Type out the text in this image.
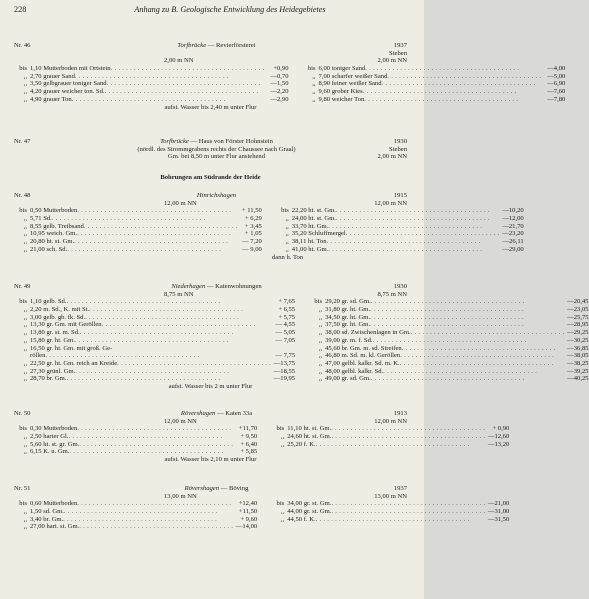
228	Anhang zu B. Geologische Entwicklung des Heidegebietes
Nr. 46	Torfbrücke — Revierförsterei	1937
Steben
2,00 m NN	2,00 m NN
bis 1,10 Mutterboden mit Ortstein . . . . . . . . . . . . . . . . . . . . . . . . . . . . . . . . . . . . . . . .	+0,90
,, 2,70 grauer Sand . . . . . . . . . . . . . . . . . . . . . . . . . . . . . . . . . . . . . . . .	—0,70
,, 3,50 gelbgrauer toniger Sand . . . . . . . . . . . . . . . . . . . . . . . . . . . . . . . . . . . . . . . .	—1,50
,, 4,20 grauer weicher ton. Sd. . . . . . . . . . . . . . . . . . . . . . . . . . . . . . . . . . . . . . . . .	—2,20
,, 4,90 grauer Ton . . . . . . . . . . . . . . . . . . . . . . . . . . . . . . . . . . . . . . . .	—2,90
bis 6,00 toniger Sand . . . . . . . . . . . . . . . . . . . . . . . . . . . . . . . . . . . . . . . .	—4,00
,, 7,00 scharfer weißer Sand . . . . . . . . . . . . . . . . . . . . . . . . . . . . . . . . . . . . . . . . —5,00
,, 8,90 feiner weißer Sand . . . . . . . . . . . . . . . . . . . . . . . . . . . . . . . . . . . . . . . .	—6,90
,, 9,60 grober Kies . . . . . . . . . . . . . . . . . . . . . . . . . . . . . . . . . . . . . . . .	—7,60
,, 9,80 weicher Ton . . . . . . . . . . . . . . . . . . . . . . . . . . . . . . . . . . . . . . . .	—7,80
aufst. Wasser bis 2,40 m unter Flur
Nr. 47	Torfbrücke — Haus von Förster Hohnstein	1930
(nördl. des Strommgrabens rechts der Chaussee nach Graal)	Steben
Gm. bei 8,50 m unter Flur anstehend	2,00 m NN
Bohrungen am Südrande der Heide
Nr. 48	Hinrichshagen	1915
12,00 m NN	12,00 m NN
bis 0,50 Mutterboden . . . . . . . . . . . . . . . . . . . . . . . . . . . . . . . . . . . . . . . .	+ 11,50
,, 5,71 Sd. . . . . . . . . . . . . . . . . . . . . . . . . . . . . . . . . . . . . . . . .	+ 6,29
,, 8,55 gelb. Treibsand . . . . . . . . . . . . . . . . . . . . . . . . . . . . . . . . . . . . . . . .	+ 3,45
,, 10,95 weich. Gm. . . . . . . . . . . . . . . . . . . . . . . . . . . . . . . . . . . . . . . . .	+ 1,05
,, 20,80 ht. st. Gm. . . . . . . . . . . . . . . . . . . . . . . . . . . . . . . . . . . . . . . . .	— 7,20
,, 21,00 sch. Sd. . . . . . . . . . . . . . . . . . . . . . . . . . . . . . . . . . . . . . . . .	— 9,00
bis 22,20 ht. st. Gm. . . . . . . . . . . . . . . . . . . . . . . . . . . . . . . . . . . . . . . . .	—10,20
,, 24,00 ht. st. Gm. . . . . . . . . . . . . . . . . . . . . . . . . . . . . . . . . . . . . . . . .	—12,00
,, 33,70 ht. Gm. . . . . . . . . . . . . . . . . . . . . . . . . . . . . . . . . . . . . . . . .	—21,70
,, 35,20 Schluffmergel . . . . . . . . . . . . . . . . . . . . . . . . . . . . . . . . . . . . . . . . —23,20
,, 38,11 ht. Ton . . . . . . . . . . . . . . . . . . . . . . . . . . . . . . . . . . . . . . . .	—26,11
,, 41,00 ht. Gm. . . . . . . . . . . . . . . . . . . . . . . . . . . . . . . . . . . . . . . . .	—29,00
dann h. Ton
Nr. 49	Niederhagen — Katenwohnungen	1930
8,75 m NN	8,75 m NN
bis 1,10 gelb. Sd. . . . . . . . . . . . . . . . . . . . . . . . . . . . . . . . . . . . . . . . .	+ 7,65
,, 2,20 m. Sd., K. mit St. . . . . . . . . . . . . . . . . . . . . . . . . . . . . . . . . . . . . . . . .	+ 6,55
,, 3,00 gelb. gb. fk. Sd. . . . . . . . . . . . . . . . . . . . . . . . . . . . . . . . . . . . . . . . .	+ 5,75
,, 13,30 gr. Gm. mit Geröllen . . . . . . . . . . . . . . . . . . . . . . . . . . . . . . . . . . . . . . . .	— 4,55
,, 13,80 gr. st. m. Sd. . . . . . . . . . . . . . . . . . . . . . . . . . . . . . . . . . . . . . . . .	— 5,05
,, 15,80 gr. ht. Gm. . . . . . . . . . . . . . . . . . . . . . . . . . . . . . . . . . . . . . . . .	— 7,05
,, 16,50 gr. ht. Gm. mit groß. Ge-
röllen . . . . . . . . . . . . . . . . . . . . . . . . . . . . . . . . . . . . . . . .	— 7,75
,, 22,50 gr. ht. Gm. reich an Kreide . . . . . . . . . . . . . . . . . . . . . . . . . . . . . . . . . . . . . . . . —13,75
,, 27,30 grünl. Gm. . . . . . . . . . . . . . . . . . . . . . . . . . . . . . . . . . . . . . . . .	—18,55
,, 28,70 br. Gm. . . . . . . . . . . . . . . . . . . . . . . . . . . . . . . . . . . . . . . . .	—19,95
bis 29,20 gr. sd. Gm. . . . . . . . . . . . . . . . . . . . . . . . . . . . . . . . . . . . . . . . .	—20,45
,, 31,80 gr. ht. Gm. . . . . . . . . . . . . . . . . . . . . . . . . . . . . . . . . . . . . . . . .	—23,05
,, 34,50 gr. ht. Gm. . . . . . . . . . . . . . . . . . . . . . . . . . . . . . . . . . . . . . . . .	—25,75
,, 37,50 gr. ht. Gm. . . . . . . . . . . . . . . . . . . . . . . . . . . . . . . . . . . . . . . . .	—28,95
,, 38,00 sd. Zwischenlagen in Gm. . . . . . . . . . . . . . . . . . . . . . . . . . . . . . . . . . . . . . . . . —29,25
,, 39,00 gr. m. f. Sd. . . . . . . . . . . . . . . . . . . . . . . . . . . . . . . . . . . . . . . . .	—30,25
,, 45,60 br. Gm. m. sd. Streifen . . . . . . . . . . . . . . . . . . . . . . . . . . . . . . . . . . . . . . . .	—36,85
,, 46,80 m. Sd. m. kl. Geröllen . . . . . . . . . . . . . . . . . . . . . . . . . . . . . . . . . . . . . . . .	—38,05
,, 47,00 gelbl. kalkr. Sd. m. K. . . . . . . . . . . . . . . . . . . . . . . . . . . . . . . . . . . . . . . . .	—38,25
,, 48,00 gelbl. kalkr. Sd. . . . . . . . . . . . . . . . . . . . . . . . . . . . . . . . . . . . . . . . .	—39,25
,, 49,00 gr. sd. Gm. . . . . . . . . . . . . . . . . . . . . . . . . . . . . . . . . . . . . . . . .	—40,25
aufst. Wasser bis 2 m unter Flur
Nr. 50	Rövershagen — Katen 33a	1913
12,00 m NN	12,00 m NN
bis 0,30 Mutterboden . . . . . . . . . . . . . . . . . . . . . . . . . . . . . . . . . . . . . . . .	+11,70
,, 2,50 harter Gl. . . . . . . . . . . . . . . . . . . . . . . . . . . . . . . . . . . . . . . . .	+ 9,50
,, 5,60 ht. st. gr. Gm. . . . . . . . . . . . . . . . . . . . . . . . . . . . . . . . . . . . . . . . .	+ 6,40
,, 6,15 K. u. Gm. . . . . . . . . . . . . . . . . . . . . . . . . . . . . . . . . . . . . . . . .	+ 5,85
bis 11,10 ht. st. Gm. . . . . . . . . . . . . . . . . . . . . . . . . . . . . . . . . . . . . . . . .	+ 0,90
,, 24,60 ht. st. Gm. . . . . . . . . . . . . . . . . . . . . . . . . . . . . . . . . . . . . . . . . —12,60
,, 25,20 f. K. . . . . . . . . . . . . . . . . . . . . . . . . . . . . . . . . . . . . . . . .	—13,20
aufst. Wasser bis 2,10 m unter Flur
Nr. 51	Rövershagen — Böving	1937
13,00 m NN	13,00 m NN
bis 0,60 Mutterboden . . . . . . . . . . . . . . . . . . . . . . . . . . . . . . . . . . . . . . . .	+12,40
,, 1,50 sd. Gm. . . . . . . . . . . . . . . . . . . . . . . . . . . . . . . . . . . . . . . . .	+11,50
,, 3,40 br. Gm. . . . . . . . . . . . . . . . . . . . . . . . . . . . . . . . . . . . . . . . .	+ 9,60
,, 27,00 hart. st. Gm. . . . . . . . . . . . . . . . . . . . . . . . . . . . . . . . . . . . . . . . . —14,00
bis 34,00 gr. st. Gm. . . . . . . . . . . . . . . . . . . . . . . . . . . . . . . . . . . . . . . . . —21,00
,, 44,00 gr. st. Gm. . . . . . . . . . . . . . . . . . . . . . . . . . . . . . . . . . . . . . . . . —31,00
,, 44,50 f. K. . . . . . . . . . . . . . . . . . . . . . . . . . . . . . . . . . . . . . . . .	—31,50
